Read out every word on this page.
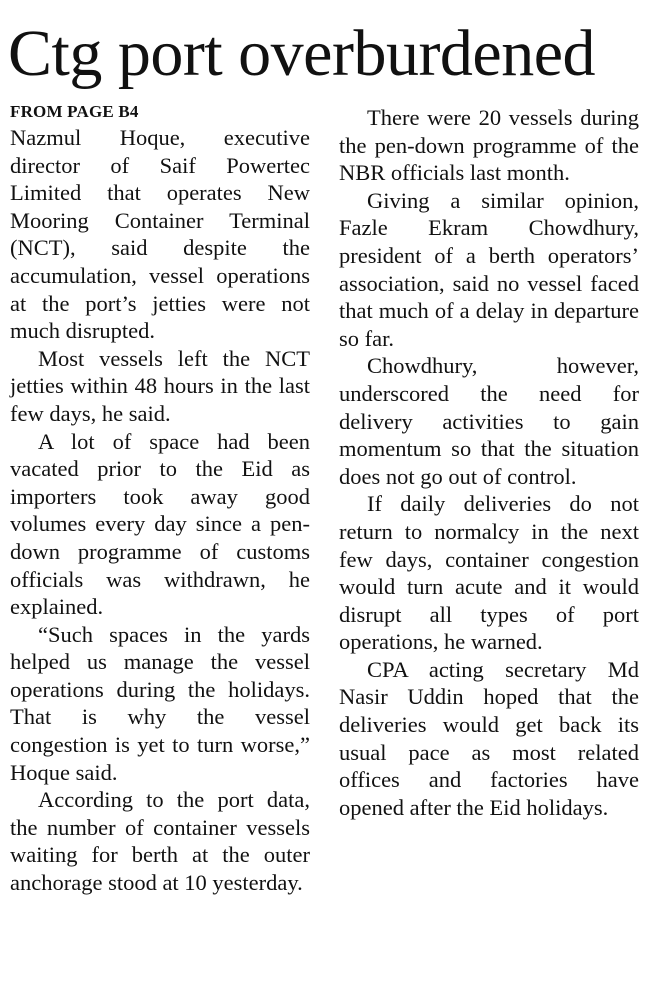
Ctg port overburdened
FROM PAGE B4

Nazmul Hoque, executive director of Saif Powertec Limited that operates New Mooring Container Terminal (NCT), said despite the accumulation, vessel operations at the port’s jetties were not much disrupted.

Most vessels left the NCT jetties within 48 hours in the last few days, he said.

A lot of space had been vacated prior to the Eid as importers took away good volumes every day since a pen-down programme of customs officials was withdrawn, he explained.

“Such spaces in the yards helped us manage the vessel operations during the holidays. That is why the vessel congestion is yet to turn worse,” Hoque said.

According to the port data, the number of container vessels waiting for berth at the outer anchorage stood at 10 yesterday.

There were 20 vessels during the pen-down programme of the NBR officials last month.

Giving a similar opinion, Fazle Ekram Chowdhury, president of a berth operators’ association, said no vessel faced that much of a delay in departure so far.

Chowdhury, however, underscored the need for delivery activities to gain momentum so that the situation does not go out of control.

If daily deliveries do not return to normalcy in the next few days, container congestion would turn acute and it would disrupt all types of port operations, he warned.

CPA acting secretary Md Nasir Uddin hoped that the deliveries would get back its usual pace as most related offices and factories have opened after the Eid holidays.
